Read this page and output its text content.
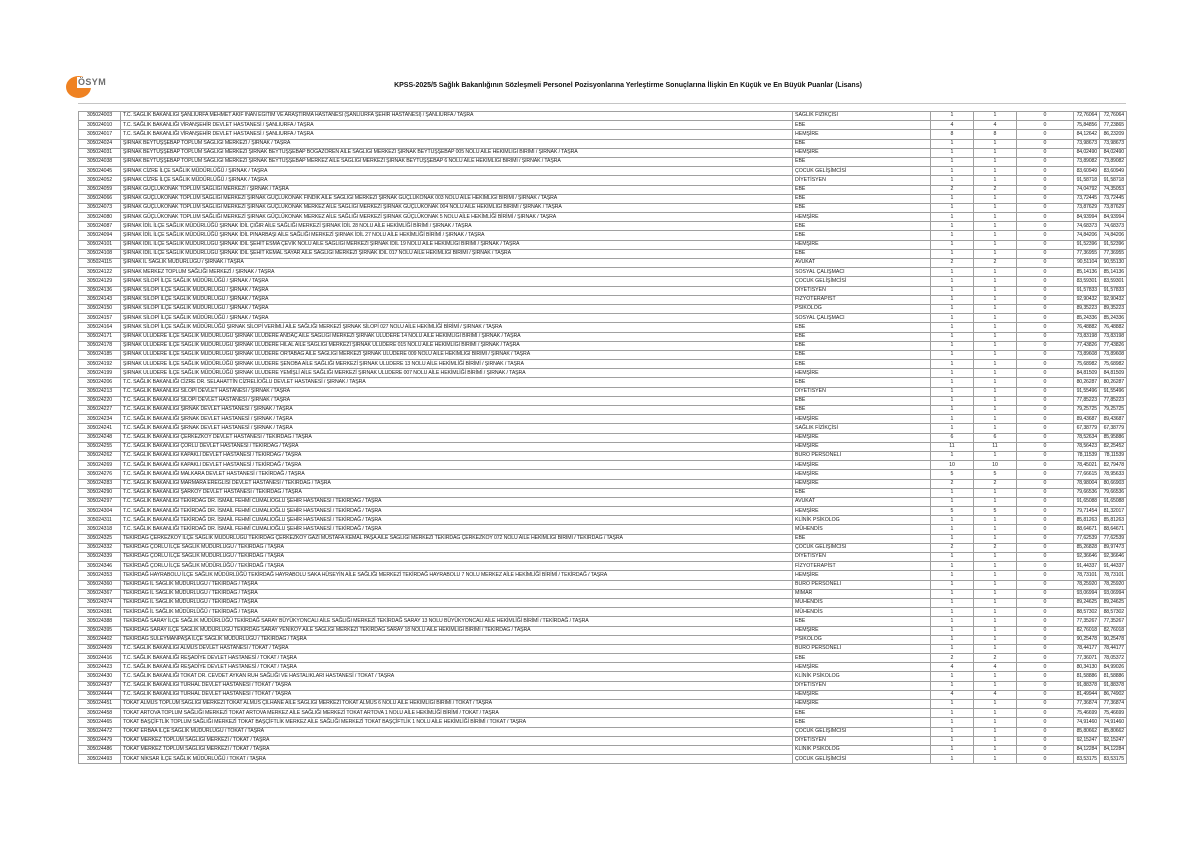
ÖSYM	KPSS-2025/5 Sağlık Bakanlığının Sözleşmeli Personel Pozisyonlarına Yerleştirme Sonuçlarına İlişkin En Küçük ve En Büyük Puanlar (Lisans)
305024003	T.C. SAĞLIK BAKANLIĞI ŞANLIURFA MEHMET AKİF İNAN EĞİTİM VE ARAŞTIRMA HASTANESİ (ŞANLIURFA ŞEHİR HASTANESİ) / ŞANLIURFA / TAŞRA	SAĞLIK FİZİKÇİSİ	1	1	0	72,76064	72,76064
305024010	T.C. SAĞLIK BAKANLIĞI VİRANŞEHİR DEVLET HASTANESİ / ŞANLIURFA / TAŞRA	EBE	4	4	0	75,84856	77,23865
305024017	T.C. SAĞLIK BAKANLIĞI VİRANŞEHİR DEVLET HASTANESİ / ŞANLIURFA / TAŞRA	HEMŞİRE	8	8	0	84,12642	86,23209
305024024	ŞIRNAK BEYTÜŞŞEBAP TOPLUM SAĞLIĞI MERKEZİ / ŞIRNAK / TAŞRA	EBE	1	1	0	73,98673	73,98673
305024031	ŞIRNAK BEYTÜŞŞEBAP TOPLUM SAĞLIĞI MERKEZİ ŞIRNAK BEYTÜŞŞEBAP BOĞAZÖREN AİLE SAĞLIĞI MERKEZİ ŞIRNAK BEYTÜŞŞEBAP 005 NOLU AİLE HEKİMLİĞİ BİRİMİ / ŞIRNAK / TAŞRA	HEMŞİRE	1	1	0	84,02490	84,02490
305024038	ŞIRNAK BEYTÜŞŞEBAP TOPLUM SAĞLIĞI MERKEZİ ŞIRNAK BEYTÜŞŞEBAP MERKEZ AİLE SAĞLIĞI MERKEZİ ŞIRNAK BEYTÜŞŞEBAP 6 NOLU AİLE HEKİMLİĞİ BİRİMİ / ŞIRNAK / TAŞRA	EBE	1	1	0	73,89082	73,89082
305024045	ŞIRNAK CİZRE İLÇE SAĞLIK MÜDÜRLÜĞÜ / ŞIRNAK / TAŞRA	ÇOCUK GELİŞİMCİSİ	1	1	0	83,60949	83,60949
305024052	ŞIRNAK CİZRE İLÇE SAĞLIK MÜDÜRLÜĞÜ / ŞIRNAK / TAŞRA	DİYETİSYEN	1	1	0	91,58718	91,58718
305024059	ŞIRNAK GÜÇLÜKONAK TOPLUM SAĞLIĞI MERKEZİ / ŞIRNAK / TAŞRA	EBE	2	2	0	74,04792	74,35053
305024066	ŞIRNAK GÜÇLÜKONAK TOPLUM SAĞLIĞI MERKEZİ ŞIRNAK GÜÇLÜKONAK FINDIK AİLE SAĞLIĞI MERKEZİ ŞIRNAK GÜÇLÜKONAK 003 NOLU AİLE HEKİMLİĞİ BİRİMİ / ŞIRNAK / TAŞRA	EBE	1	1	0	73,72445	73,72445
305024073	ŞIRNAK GÜÇLÜKONAK TOPLUM SAĞLIĞI MERKEZİ ŞIRNAK GÜÇLÜKONAK MERKEZ AİLE SAĞLIĞI MERKEZİ ŞIRNAK GÜÇLÜKONAK 004 NOLU AİLE HEKİMLİĞİ BİRİMİ / ŞIRNAK / TAŞRA	EBE	1	1	0	73,87629	73,87629
305024080	ŞIRNAK GÜÇLÜKONAK TOPLUM SAĞLIĞI MERKEZİ ŞIRNAK GÜÇLÜKONAK MERKEZ AİLE SAĞLIĞI MERKEZİ ŞIRNAK GÜÇLÜKONAK 5 NOLU AİLE HEKİMLİĞİ BİRİMİ / ŞIRNAK / TAŞRA	HEMŞİRE	1	1	0	84,93994	84,93994
305024087	ŞIRNAK İDİL İLÇE SAĞLIK MÜDÜRLÜĞÜ ŞIRNAK İDİL ÇIĞIR AİLE SAĞLIĞI MERKEZİ ŞIRNAK İDİL 28 NOLU AİLE HEKİMLİĞİ BİRİMİ / ŞIRNAK / TAŞRA	EBE	1	1	0	74,68373	74,68373
305024094	ŞIRNAK İDİL İLÇE SAĞLIK MÜDÜRLÜĞÜ ŞIRNAK İDİL PINARBAŞI AİLE SAĞLIĞI MERKEZİ ŞIRNAK İDİL 27 NOLU AİLE HEKİMLİĞİ BİRİMİ / ŞIRNAK / TAŞRA	EBE	1	1	0	74,84206	74,84206
305024101	ŞIRNAK İDİL İLÇE SAĞLIK MÜDÜRLÜĞÜ ŞIRNAK İDİL ŞEHİT ESMA ÇEVİK NOLU AİLE SAĞLIĞI MERKEZİ ŞIRNAK İDİL 19 NOLU AİLE HEKİMLİĞİ BİRİMİ / ŞIRNAK / TAŞRA	HEMŞİRE	1	1	0	91,52396	91,52396
305024108	ŞIRNAK İDİL İLÇE SAĞLIK MÜDÜRLÜĞÜ ŞIRNAK İDİL ŞEHİT KEMAL SAYAR AİLE SAĞLIĞI MERKEZİ ŞIRNAK İDİL 017 NOLU AİLE HEKİMLİĞİ BİRİMİ / ŞIRNAK / TAŞRA	EBE	1	1	0	77,36955	77,36955
305024115	ŞIRNAK İL SAĞLIK MÜDÜRLÜĞÜ / ŞIRNAK / TAŞRA	AVUKAT	2	2	0	90,51104	90,55130
305024122	ŞIRNAK MERKEZ TOPLUM SAĞLIĞI MERKEZİ / ŞIRNAK / TAŞRA	SOSYAL ÇALIŞMACI	1	1	0	85,14136	85,14136
305024129	ŞIRNAK SİLOPİ İLÇE SAĞLIK MÜDÜRLÜĞÜ / ŞIRNAK / TAŞRA	ÇOCUK GELİŞİMCİSİ	1	1	0	83,59301	83,59301
305024136	ŞIRNAK SİLOPİ İLÇE SAĞLIK MÜDÜRLÜĞÜ / ŞIRNAK / TAŞRA	DİYETİSYEN	1	1	0	91,57833	91,57833
305024143	ŞIRNAK SİLOPİ İLÇE SAĞLIK MÜDÜRLÜĞÜ / ŞIRNAK / TAŞRA	FİZYOTERAPİST	1	1	0	92,90432	92,90432
305024150	ŞIRNAK SİLOPİ İLÇE SAĞLIK MÜDÜRLÜĞÜ / ŞIRNAK / TAŞRA	PSİKOLOG	1	1	0	89,35223	89,35223
305024157	ŞIRNAK SİLOPİ İLÇE SAĞLIK MÜDÜRLÜĞÜ / ŞIRNAK / TAŞRA	SOSYAL ÇALIŞMACI	1	1	0	85,24336	85,24336
305024164	ŞIRNAK SİLOPİ İLÇE SAĞLIK MÜDÜRLÜĞÜ ŞIRNAK SİLOPİ VERİMLİ AİLE SAĞLIĞI MERKEZİ ŞIRNAK SİLOPİ 027 NOLU AİLE HEKİMLİĞİ BİRİMİ / ŞIRNAK / TAŞRA	EBE	1	1	0	76,48882	76,48882
305024171	ŞIRNAK ULUDERE İLÇE SAĞLIK MÜDÜRLÜĞÜ ŞIRNAK ULUDERE ANDAÇ AİLE SAĞLIĞI MERKEZİ ŞIRNAK ULUDERE 14 NOLU AİLE HEKİMLİĞİ BİRİMİ / ŞIRNAK / TAŞRA	EBE	1	1	0	73,83198	73,83198
305024178	ŞIRNAK ULUDERE İLÇE SAĞLIK MÜDÜRLÜĞÜ ŞIRNAK ULUDERE HİLAL AİLE SAĞLIĞI MERKEZİ ŞIRNAK ULUDERE 015 NOLU AİLE HEKİMLİĞİ BİRİMİ / ŞIRNAK / TAŞRA	EBE	1	1	0	77,43826	77,43826
305024185	ŞIRNAK ULUDERE İLÇE SAĞLIK MÜDÜRLÜĞÜ ŞIRNAK ULUDERE ORTABAĞ AİLE SAĞLIĞI MERKEZİ ŞIRNAK ULUDERE 009 NOLU AİLE HEKİMLİĞİ BİRİMİ / ŞIRNAK / TAŞRA	EBE	1	1	0	73,89608	73,89608
305024192	ŞIRNAK ULUDERE İLÇE SAĞLIK MÜDÜRLÜĞÜ ŞIRNAK ULUDERE ŞENOBA AİLE SAĞLIĞI MERKEZİ ŞIRNAK ULUDERE 13 NOLU AİLE HEKİMLİĞİ BİRİMİ / ŞIRNAK / TAŞRA	EBE	1	1	0	75,68982	75,68982
305024199	ŞIRNAK ULUDERE İLÇE SAĞLIK MÜDÜRLÜĞÜ ŞIRNAK ULUDERE YEMİŞLİ AİLE SAĞLIĞI MERKEZİ ŞIRNAK ULUDERE 007 NOLU AİLE HEKİMLİĞİ BİRİMİ / ŞIRNAK / TAŞRA	HEMŞİRE	1	1	0	84,81509	84,81509
305024206	T.C. SAĞLIK BAKANLIĞI CİZRE DR. SELAHATTİN CİZRELİOĞLU DEVLET HASTANESİ / ŞIRNAK / TAŞRA	EBE	1	1	0	80,26287	80,26287
305024213	T.C. SAĞLIK BAKANLIĞI SİLOPİ DEVLET HASTANESİ / ŞIRNAK / TAŞRA	DİYETİSYEN	1	1	0	91,55496	91,55496
305024220	T.C. SAĞLIK BAKANLIĞI SİLOPİ DEVLET HASTANESİ / ŞIRNAK / TAŞRA	EBE	1	1	0	77,85223	77,85223
305024227	T.C. SAĞLIK BAKANLIĞI ŞIRNAK DEVLET HASTANESİ / ŞIRNAK / TAŞRA	EBE	1	1	0	79,25725	79,25725
305024234	T.C. SAĞLIK BAKANLIĞI ŞIRNAK DEVLET HASTANESİ / ŞIRNAK / TAŞRA	HEMŞİRE	1	1	0	89,43687	89,43687
305024241	T.C. SAĞLIK BAKANLIĞI ŞIRNAK DEVLET HASTANESİ / ŞIRNAK / TAŞRA	SAĞLIK FİZİKÇİSİ	1	1	0	67,38779	67,38779
305024248	T.C. SAĞLIK BAKANLIĞI ÇERKEZKÖY DEVLET HASTANESİ / TEKİRDAĞ / TAŞRA	HEMŞİRE	6	6	0	78,52634	85,95886
305024255	T.C. SAĞLIK BAKANLIĞI ÇORLU DEVLET HASTANESİ / TEKİRDAĞ / TAŞRA	HEMŞİRE	11	11	0	78,56423	82,25452
305024262	T.C. SAĞLIK BAKANLIĞI KAPAKLI DEVLET HASTANESİ / TEKİRDAĞ / TAŞRA	BÜRO PERSONELİ	1	1	0	78,11539	78,11539
305024269	T.C. SAĞLIK BAKANLIĞI KAPAKLI DEVLET HASTANESİ / TEKİRDAĞ / TAŞRA	HEMŞİRE	10	10	0	78,45021	82,79478
305024276	T.C. SAĞLIK BAKANLIĞI MALKARA DEVLET HASTANESİ / TEKİRDAĞ / TAŞRA	HEMŞİRE	5	5	0	77,66615	78,95633
305024283	T.C. SAĞLIK BAKANLIĞI MARMARA EREĞLİSİ DEVLET HASTANESİ / TEKİRDAĞ / TAŞRA	HEMŞİRE	2	2	0	78,98004	80,66903
305024290	T.C. SAĞLIK BAKANLIĞI ŞARKÖY DEVLET HASTANESİ / TEKİRDAĞ / TAŞRA	EBE	1	1	0	79,66536	79,66536
305024297	T.C. SAĞLIK BAKANLIĞI TEKİRDAĞ DR. İSMAİL FEHMİ CUMALIOĞLU ŞEHİR HASTANESİ / TEKİRDAĞ / TAŞRA	AVUKAT	1	1	0	91,65088	91,65088
305024304	T.C. SAĞLIK BAKANLIĞI TEKİRDAĞ DR. İSMAİL FEHMİ CUMALIOĞLU ŞEHİR HASTANESİ / TEKİRDAĞ / TAŞRA	HEMŞİRE	5	5	0	79,71454	81,32017
305024311	T.C. SAĞLIK BAKANLIĞI TEKİRDAĞ DR. İSMAİL FEHMİ CUMALIOĞLU ŞEHİR HASTANESİ / TEKİRDAĞ / TAŞRA	KLİNİK PSİKOLOG	1	1	0	85,81263	85,81263
305024318	T.C. SAĞLIK BAKANLIĞI TEKİRDAĞ DR. İSMAİL FEHMİ CUMALIOĞLU ŞEHİR HASTANESİ / TEKİRDAĞ / TAŞRA	MÜHENDİS	1	1	0	88,64671	88,64671
305024325	TEKİRDAĞ ÇERKEZKÖY İLÇE SAĞLIK MÜDÜRLÜĞÜ TEKİRDAĞ ÇERKEZKÖY GAZİ MUSTAFA KEMAL PAŞA AİLE SAĞLIĞI MERKEZİ TEKİRDAĞ ÇERKEZKÖY 072 NOLU AİLE HEKİMLİĞİ BİRİMİ / TEKİRDAĞ / TAŞRA	EBE	1	1	0	77,62539	77,62539
305024332	TEKİRDAĞ ÇORLU İLÇE SAĞLIK MÜDÜRLÜĞÜ / TEKİRDAĞ / TAŞRA	ÇOCUK GELİŞİMCİSİ	2	2	0	85,26828	89,97473
305024339	TEKİRDAĞ ÇORLU İLÇE SAĞLIK MÜDÜRLÜĞÜ / TEKİRDAĞ / TAŞRA	DİYETİSYEN	1	1	0	92,36646	92,36646
305024346	TEKİRDAĞ ÇORLU İLÇE SAĞLIK MÜDÜRLÜĞÜ / TEKİRDAĞ / TAŞRA	FİZYOTERAPİST	1	1	0	91,44337	91,44337
305024353	TEKİRDAĞ HAYRABOLU İLÇE SAĞLIK MÜDÜRLÜĞÜ TEKİRDAĞ HAYRABOLU SAKA HÜSEYİN AİLE SAĞLIĞI MERKEZİ TEKİRDAĞ HAYRABOLU 7 NOLU MERKEZ AİLE HEKİMLİĞİ BİRİMİ / TEKİRDAĞ / TAŞRA	HEMŞİRE	1	1	0	78,73101	78,73101
305024360	TEKİRDAĞ İL SAĞLIK MÜDÜRLÜĞÜ / TEKİRDAĞ / TAŞRA	BÜRO PERSONELİ	1	1	0	78,25920	78,25920
305024367	TEKİRDAĞ İL SAĞLIK MÜDÜRLÜĞÜ / TEKİRDAĞ / TAŞRA	MİMAR	1	1	0	93,06994	93,06994
305024374	TEKİRDAĞ İL SAĞLIK MÜDÜRLÜĞÜ / TEKİRDAĞ / TAŞRA	MÜHENDİS	1	1	0	89,24625	89,24625
305024381	TEKİRDAĞ İL SAĞLIK MÜDÜRLÜĞÜ / TEKİRDAĞ / TAŞRA	MÜHENDİS	1	1	0	88,57302	88,57302
305024388	TEKİRDAĞ SARAY İLÇE SAĞLIK MÜDÜRLÜĞÜ TEKİRDAĞ SARAY BÜYÜKYONCALI AİLE SAĞLIĞI MERKEZİ TEKİRDAĞ SARAY 13 NOLU BÜYÜKYONCALI AİLE HEKİMLİĞİ BİRİMİ / TEKİRDAĞ / TAŞRA	EBE	1	1	0	77,35267	77,35267
305024395	TEKİRDAĞ SARAY İLÇE SAĞLIK MÜDÜRLÜĞÜ TEKİRDAĞ SARAY YENİKÖY AİLE SAĞLIĞI MERKEZİ TEKİRDAĞ SARAY 18 NOLU AİLE HEKİMLİĞİ BİRİMİ / TEKİRDAĞ / TAŞRA	HEMŞİRE	1	1	0	82,76018	82,76018
305024402	TEKİRDAĞ SÜLEYMANPAŞA İLÇE SAĞLIK MÜDÜRLÜĞÜ / TEKİRDAĞ / TAŞRA	PSİKOLOG	1	1	0	90,25478	90,25478
305024409	T.C. SAĞLIK BAKANLIĞI ALMUS DEVLET HASTANESİ / TOKAT / TAŞRA	BÜRO PERSONELİ	1	1	0	78,44177	78,44177
305024416	T.C. SAĞLIK BAKANLIĞI REŞADİYE DEVLET HASTANESİ / TOKAT / TAŞRA	EBE	2	2	0	77,36071	78,05372
305024423	T.C. SAĞLIK BAKANLIĞI REŞADİYE DEVLET HASTANESİ / TOKAT / TAŞRA	HEMŞİRE	4	4	0	80,34130	84,99026
305024430	T.C. SAĞLIK BAKANLIĞI TOKAT DR. CEVDET AYKAN RUH SAĞLIĞI VE HASTALIKLARI HASTANESİ / TOKAT / TAŞRA	KLİNİK PSİKOLOG	1	1	0	81,58886	81,58886
305024437	T.C. SAĞLIK BAKANLIĞI TURHAL DEVLET HASTANESİ / TOKAT / TAŞRA	DİYETİSYEN	1	1	0	91,88378	91,88378
305024444	T.C. SAĞLIK BAKANLIĞI TURHAL DEVLET HASTANESİ / TOKAT / TAŞRA	HEMŞİRE	4	4	0	81,49944	86,74902
305024451	TOKAT ALMUS TOPLUM SAĞLIĞI MERKEZİ TOKAT ALMUS ÇILHANE AİLE SAĞLIĞI MERKEZİ TOKAT ALMUS 6 NOLU AİLE HEKİMLİĞİ BİRİMİ / TOKAT / TAŞRA	HEMŞİRE	1	1	0	77,36874	77,36874
305024458	TOKAT ARTOVA TOPLUM SAĞLIĞI MERKEZİ TOKAT ARTOVA MERKEZ AİLE SAĞLIĞI MERKEZİ TOKAT ARTOVA 1 NOLU AİLE HEKİMLİĞİ BİRİMİ / TOKAT / TAŞRA	EBE	1	1	0	75,46699	75,46699
305024465	TOKAT BAŞÇİFTLİK TOPLUM SAĞLIĞI MERKEZİ TOKAT BAŞÇİFTLİK MERKEZ AİLE SAĞLIĞI MERKEZİ TOKAT BAŞÇİFTLİK 1 NOLU AİLE HEKİMLİĞİ BİRİMİ / TOKAT / TAŞRA	EBE	1	1	0	74,91460	74,91460
305024472	TOKAT ERBAA İLÇE SAĞLIK MÜDÜRLÜĞÜ / TOKAT / TAŞRA	ÇOCUK GELİŞİMCİSİ	1	1	0	85,80662	85,80662
305024479	TOKAT MERKEZ TOPLUM SAĞLIĞI MERKEZİ / TOKAT / TAŞRA	DİYETİSYEN	1	1	0	92,15247	92,15247
305024486	TOKAT MERKEZ TOPLUM SAĞLIĞI MERKEZİ / TOKAT / TAŞRA	KLİNİK PSİKOLOG	1	1	0	84,12284	84,12284
305024493	TOKAT NİKSAR İLÇE SAĞLIK MÜDÜRLÜĞÜ / TOKAT / TAŞRA	ÇOCUK GELİŞİMCİSİ	1	1	0	83,53175	83,53175
